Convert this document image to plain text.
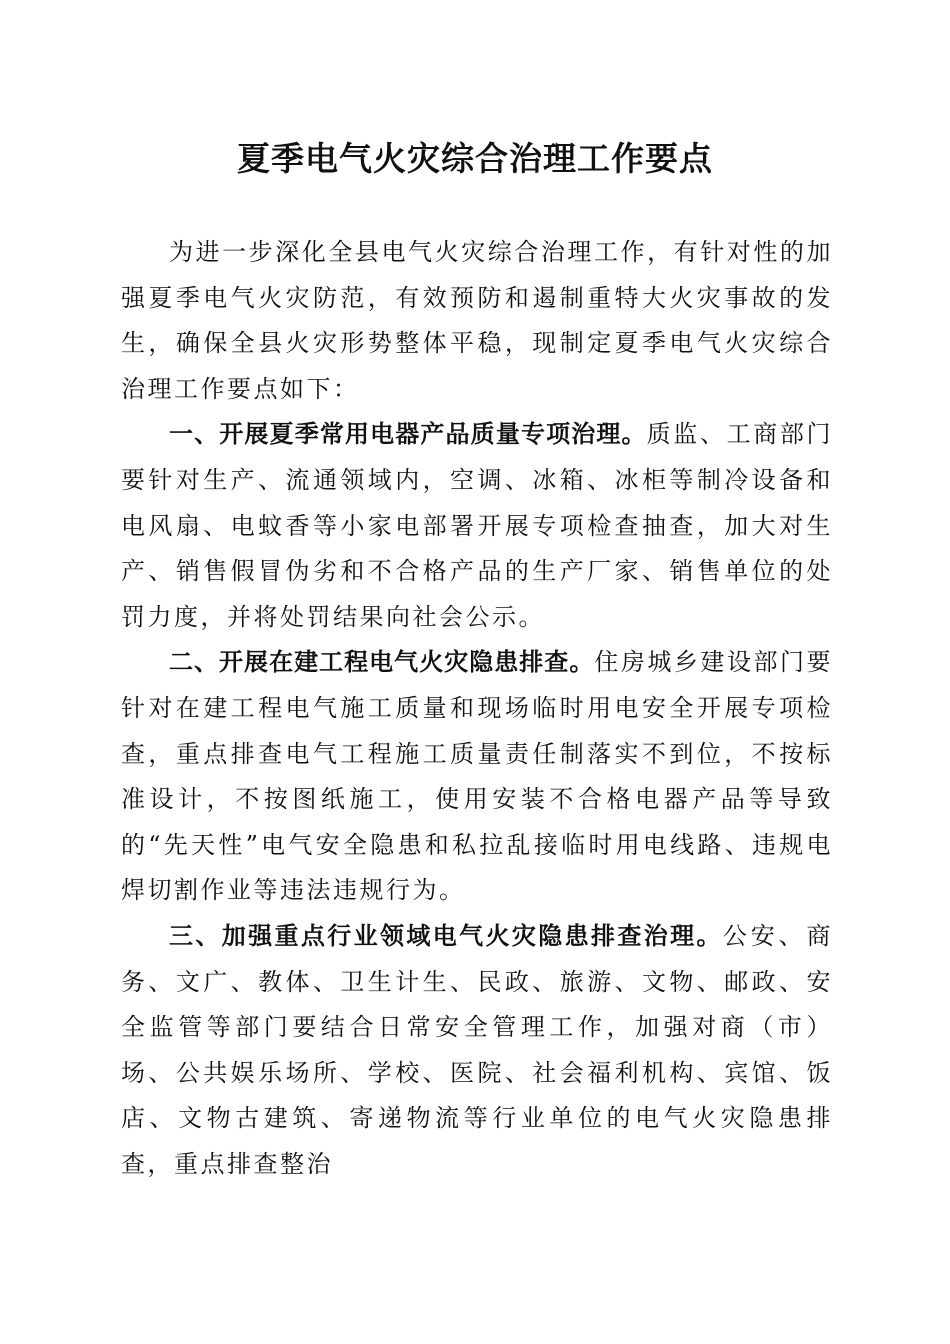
夏季电气火灾综合治理工作要点

为进一步深化全县电气火灾综合治理工作，有针对性的加强夏季电气火灾防范，有效预防和遏制重特大火灾事故的发生，确保全县火灾形势整体平稳，现制定夏季电气火灾综合治理工作要点如下：

一、开展夏季常用电器产品质量专项治理。质监、工商部门要针对生产、流通领域内，空调、冰箱、冰柜等制冷设备和电风扇、电蚊香等小家电部署开展专项检查抽查，加大对生产、销售假冒伪劣和不合格产品的生产厂家、销售单位的处罚力度，并将处罚结果向社会公示。

二、开展在建工程电气火灾隐患排查。住房城乡建设部门要针对在建工程电气施工质量和现场临时用电安全开展专项检查，重点排查电气工程施工质量责任制落实不到位，不按标准设计，不按图纸施工，使用安装不合格电器产品等导致的“先天性”电气安全隐患和私拉乱接临时用电线路、违规电焊切割作业等违法违规行为。

三、加强重点行业领域电气火灾隐患排查治理。公安、商务、文广、教体、卫生计生、民政、旅游、文物、邮政、安全监管等部门要结合日常安全管理工作，加强对商（市）场、公共娱乐场所、学校、医院、社会福利机构、宾馆、饭店、文物古建筑、寄递物流等行业单位的电气火灾隐患排查，重点排查整治
